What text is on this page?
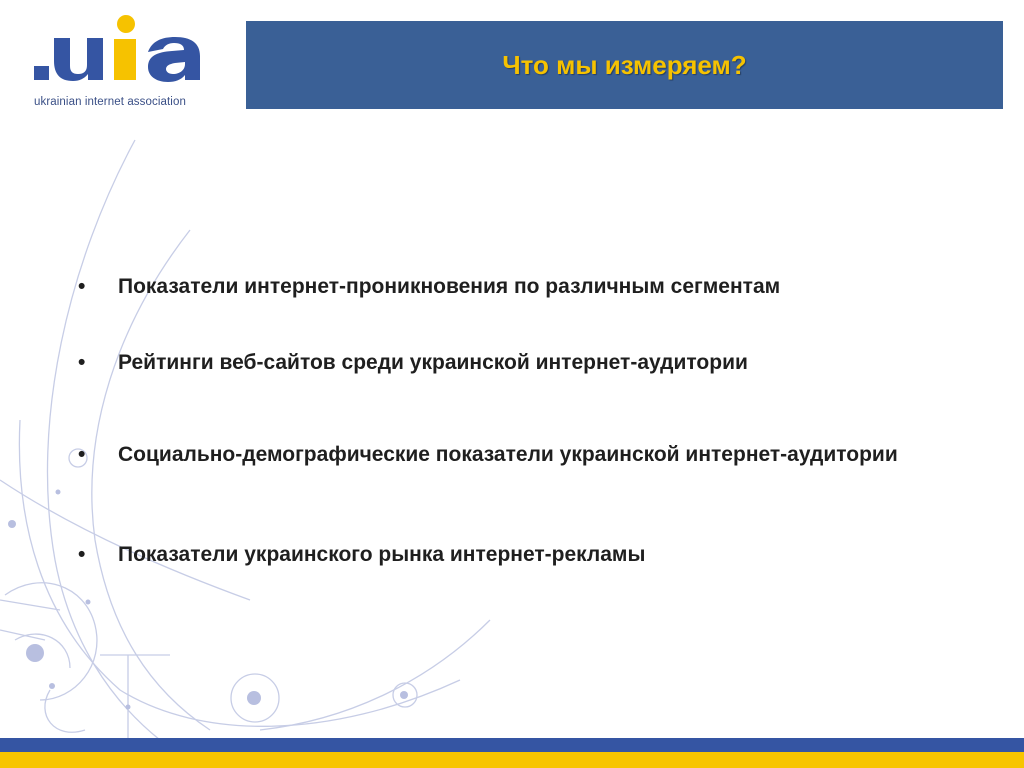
ukrainian internet association
Что мы измеряем?
•	Показатели интернет-проникновения по различным сегментам
•	Рейтинги веб-сайтов среди украинской интернет-аудитории
•	Социально-демографические показатели украинской интернет-аудитории
•	Показатели украинского рынка интернет-рекламы
